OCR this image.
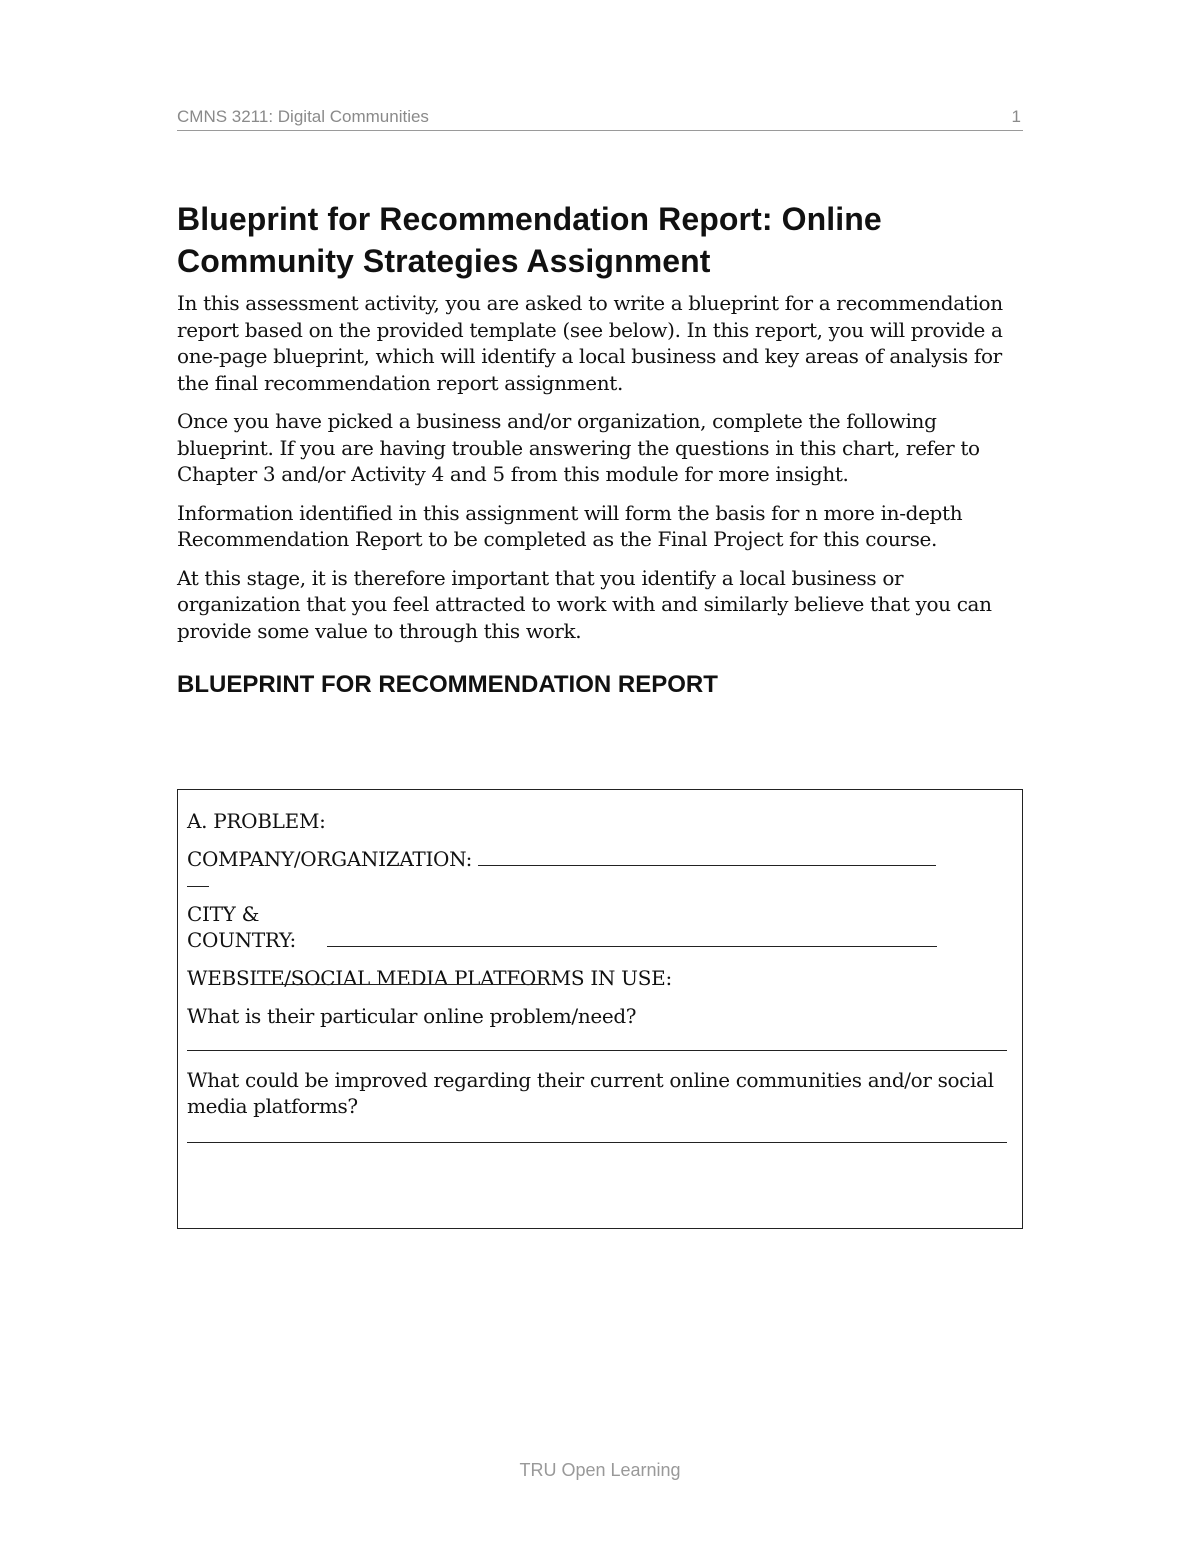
CMNS 3211: Digital Communities	1
Blueprint for Recommendation Report: Online Community Strategies Assignment

In this assessment activity, you are asked to write a blueprint for a recommendation report based on the provided template (see below). In this report, you will provide a one-page blueprint, which will identify a local business and key areas of analysis for the final recommendation report assignment.

Once you have picked a business and/or organization, complete the following blueprint. If you are having trouble answering the questions in this chart, refer to Chapter 3 and/or Activity 4 and 5 from this module for more insight.

Information identified in this assignment will form the basis for n more in-depth Recommendation Report to be completed as the Final Project for this course.

At this stage, it is therefore important that you identify a local business or organization that you feel attracted to work with and similarly believe that you can provide some value to through this work.

BLUEPRINT FOR RECOMMENDATION REPORT
A. PROBLEM:
COMPANY/ORGANIZATION:
CITY & COUNTRY:
WEBSITE/SOCIAL MEDIA PLATFORMS IN USE:

What is their particular online problem/need?

What could be improved regarding their current online communities and/or social media platforms?

TRU Open Learning
